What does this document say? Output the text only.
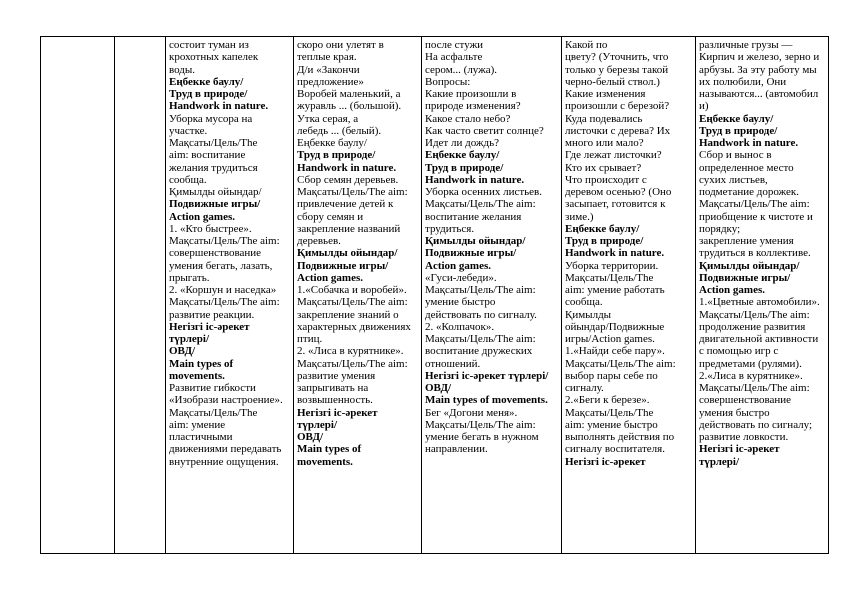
состоит туман из
крохотных капелек
воды.
Еңбекке баулу/
Труд в природе/
Handwork in nature.
Уборка мусора на
участке.
Мақсаты/Цель/The
aim: воспитание
желания трудиться
сообща.
Қимылды ойындар/
Подвижные игры/
Action games.
1. «Кто быстрее».
Мақсаты/Цель/The aim:
совершенствование
умения бегать, лазать,
прыгать.
2. «Коршун и наседка»
Мақсаты/Цель/The aim:
развитие реакции.
Негізгі іс-әрекет
түрлері/
ОВД/
Main types of
movements.
Развитие гибкости
«Изобрази настроение».
Мақсаты/Цель/The
aim: умение
пластичными
движениями передавать
внутренние ощущения.
скоро они улетят в
теплые края.
Д/и «Закончи
предложение»
Воробей маленький, а
журавль ... (большой).
Утка серая, а
лебедь ... (белый).
Еңбекке баулу/
Труд в природе/
Handwork in nature.
Сбор семян деревьев.
Мақсаты/Цель/The aim:
привлечение детей к
сбору семян и
закрепление названий
деревьев.
Қимылды ойындар/
Подвижные игры/
Action games.
1.«Собачка и воробей».
Мақсаты/Цель/The aim:
закрепление знаний о
характерных движениях
птиц.
2. «Лиса в курятнике».
Мақсаты/Цель/The aim:
развитие умения
запрыгивать на
возвышенность.
Негізгі іс-әрекет
түрлері/
ОВД/
Main types of
movements.
после стужи
На асфальте
сером... (лужа).
Вопросы:
Какие произошли в
природе изменения?
Какое стало небо?
Как часто светит солнце?
Идет ли дождь?
Еңбекке баулу/
Труд в природе/
Handwork in nature.
Уборка осенних листьев.
Мақсаты/Цель/The aim:
воспитание желания
трудиться.
Қимылды ойындар/
Подвижные игры/
Action games.
«Гуси-лебеди».
Мақсаты/Цель/The aim:
умение быстро
действовать по сигналу.
2. «Колпачок».
Мақсаты/Цель/The aim:
воспитание дружеских
отношений.
Негізгі іс-әрекет түрлері/
ОВД/
Main types of movements.
Бег «Догони меня».
Мақсаты/Цель/The aim:
умение бегать в нужном
направлении.
Какой по
цвету? (Уточнить, что
только у березы такой
черно-белый ствол.)
Какие изменения
произошли с березой?
Куда подевались
листочки с дерева? Их
много или мало?
Где лежат листочки?
Кто их срывает?
Что происходит с
деревом осенью? (Оно
засыпает, готовится к
зиме.)
Еңбекке баулу/
Труд в природе/
Handwork in nature.
Уборка территории.
Мақсаты/Цель/The
aim: умение работать
сообща.
Қимылды
ойындар/Подвижные
игры/Action games.
1.«Найди себе пару».
Мақсаты/Цель/The aim:
выбор пары себе по
сигналу.
2.«Беги к березе».
Мақсаты/Цель/The
aim: умение быстро
выполнять действия по
сигналу воспитателя.
Негізгі іс-әрекет
различные грузы —
Кирпич и железо, зерно и
арбузы. За эту работу мы
их полюбили, Они
называются... (автомобил
и)
Еңбекке баулу/
Труд в природе/
Handwork in nature.
Сбор и вынос в
определенное место
сухих листьев,
подметание дорожек.
Мақсаты/Цель/The aim:
приобщение к чистоте и
порядку;
закрепление умения
трудиться в коллективе.
Қимылды ойындар/
Подвижные игры/
Action games.
1.«Цветные автомобили».
Мақсаты/Цель/The aim:
продолжение развития
двигательной активности
с помощью игр с
предметами (рулями).
2.«Лиса в курятнике».
Мақсаты/Цель/The aim:
совершенствование
умения быстро
действовать по сигналу;
развитие ловкости.
Негізгі іс-әрекет
түрлері/
